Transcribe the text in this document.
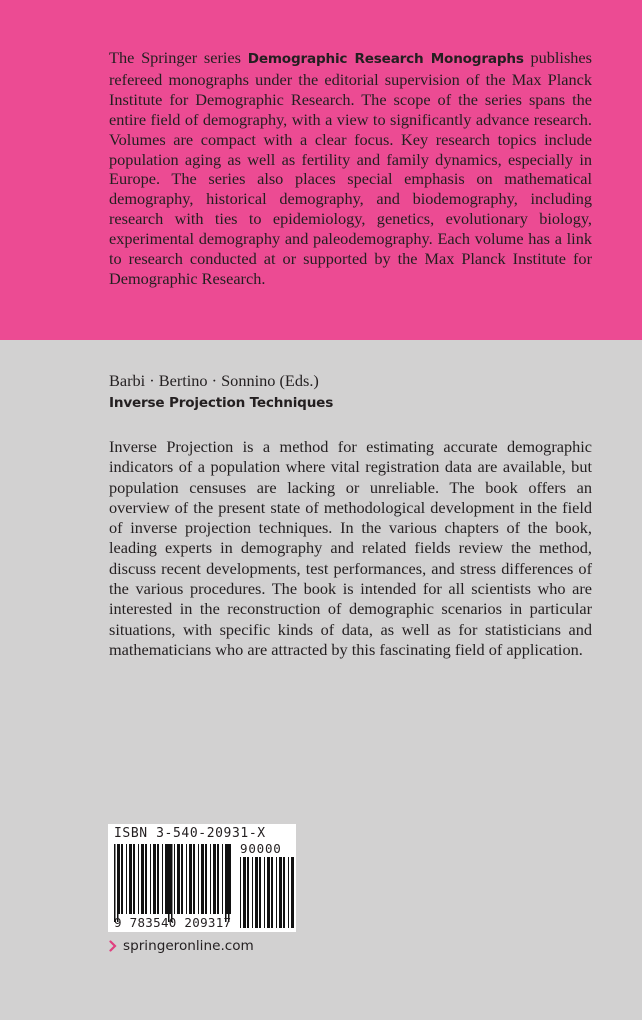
The Springer series Demographic Research Monographs publishes refereed monographs under the editorial supervision of the Max Planck Institute for Demographic Research. The scope of the series spans the entire field of demography, with a view to significantly advance research. Volumes are compact with a clear focus. Key research topics include population aging as well as fertility and family dynamics, especially in Europe. The series also places special emphasis on mathematical demography, historical demography, and biodemography, including research with ties to epidemiology, genetics, evolutionary biology, experimental demography and paleodemography. Each volume has a link to research conducted at or supported by the Max Planck Institute for Demographic Research.
Barbi · Bertino · Sonnino (Eds.)
Inverse Projection Techniques
Inverse Projection is a method for estimating accurate demographic indicators of a population where vital registration data are available, but population censuses are lacking or unreliable. The book offers an overview of the present state of methodological development in the field of inverse projection techniques. In the various chapters of the book, leading experts in demography and related fields review the method, discuss recent developments, test performances, and stress differences of the various procedures. The book is intended for all scientists who are interested in the reconstruction of demographic scenarios in particular situations, with specific kinds of data, as well as for statisticians and mathematicians who are attracted by this fascinating field of application.
ISBN 3-540-20931-X
90000
9 783540 209317
springeronline.com
